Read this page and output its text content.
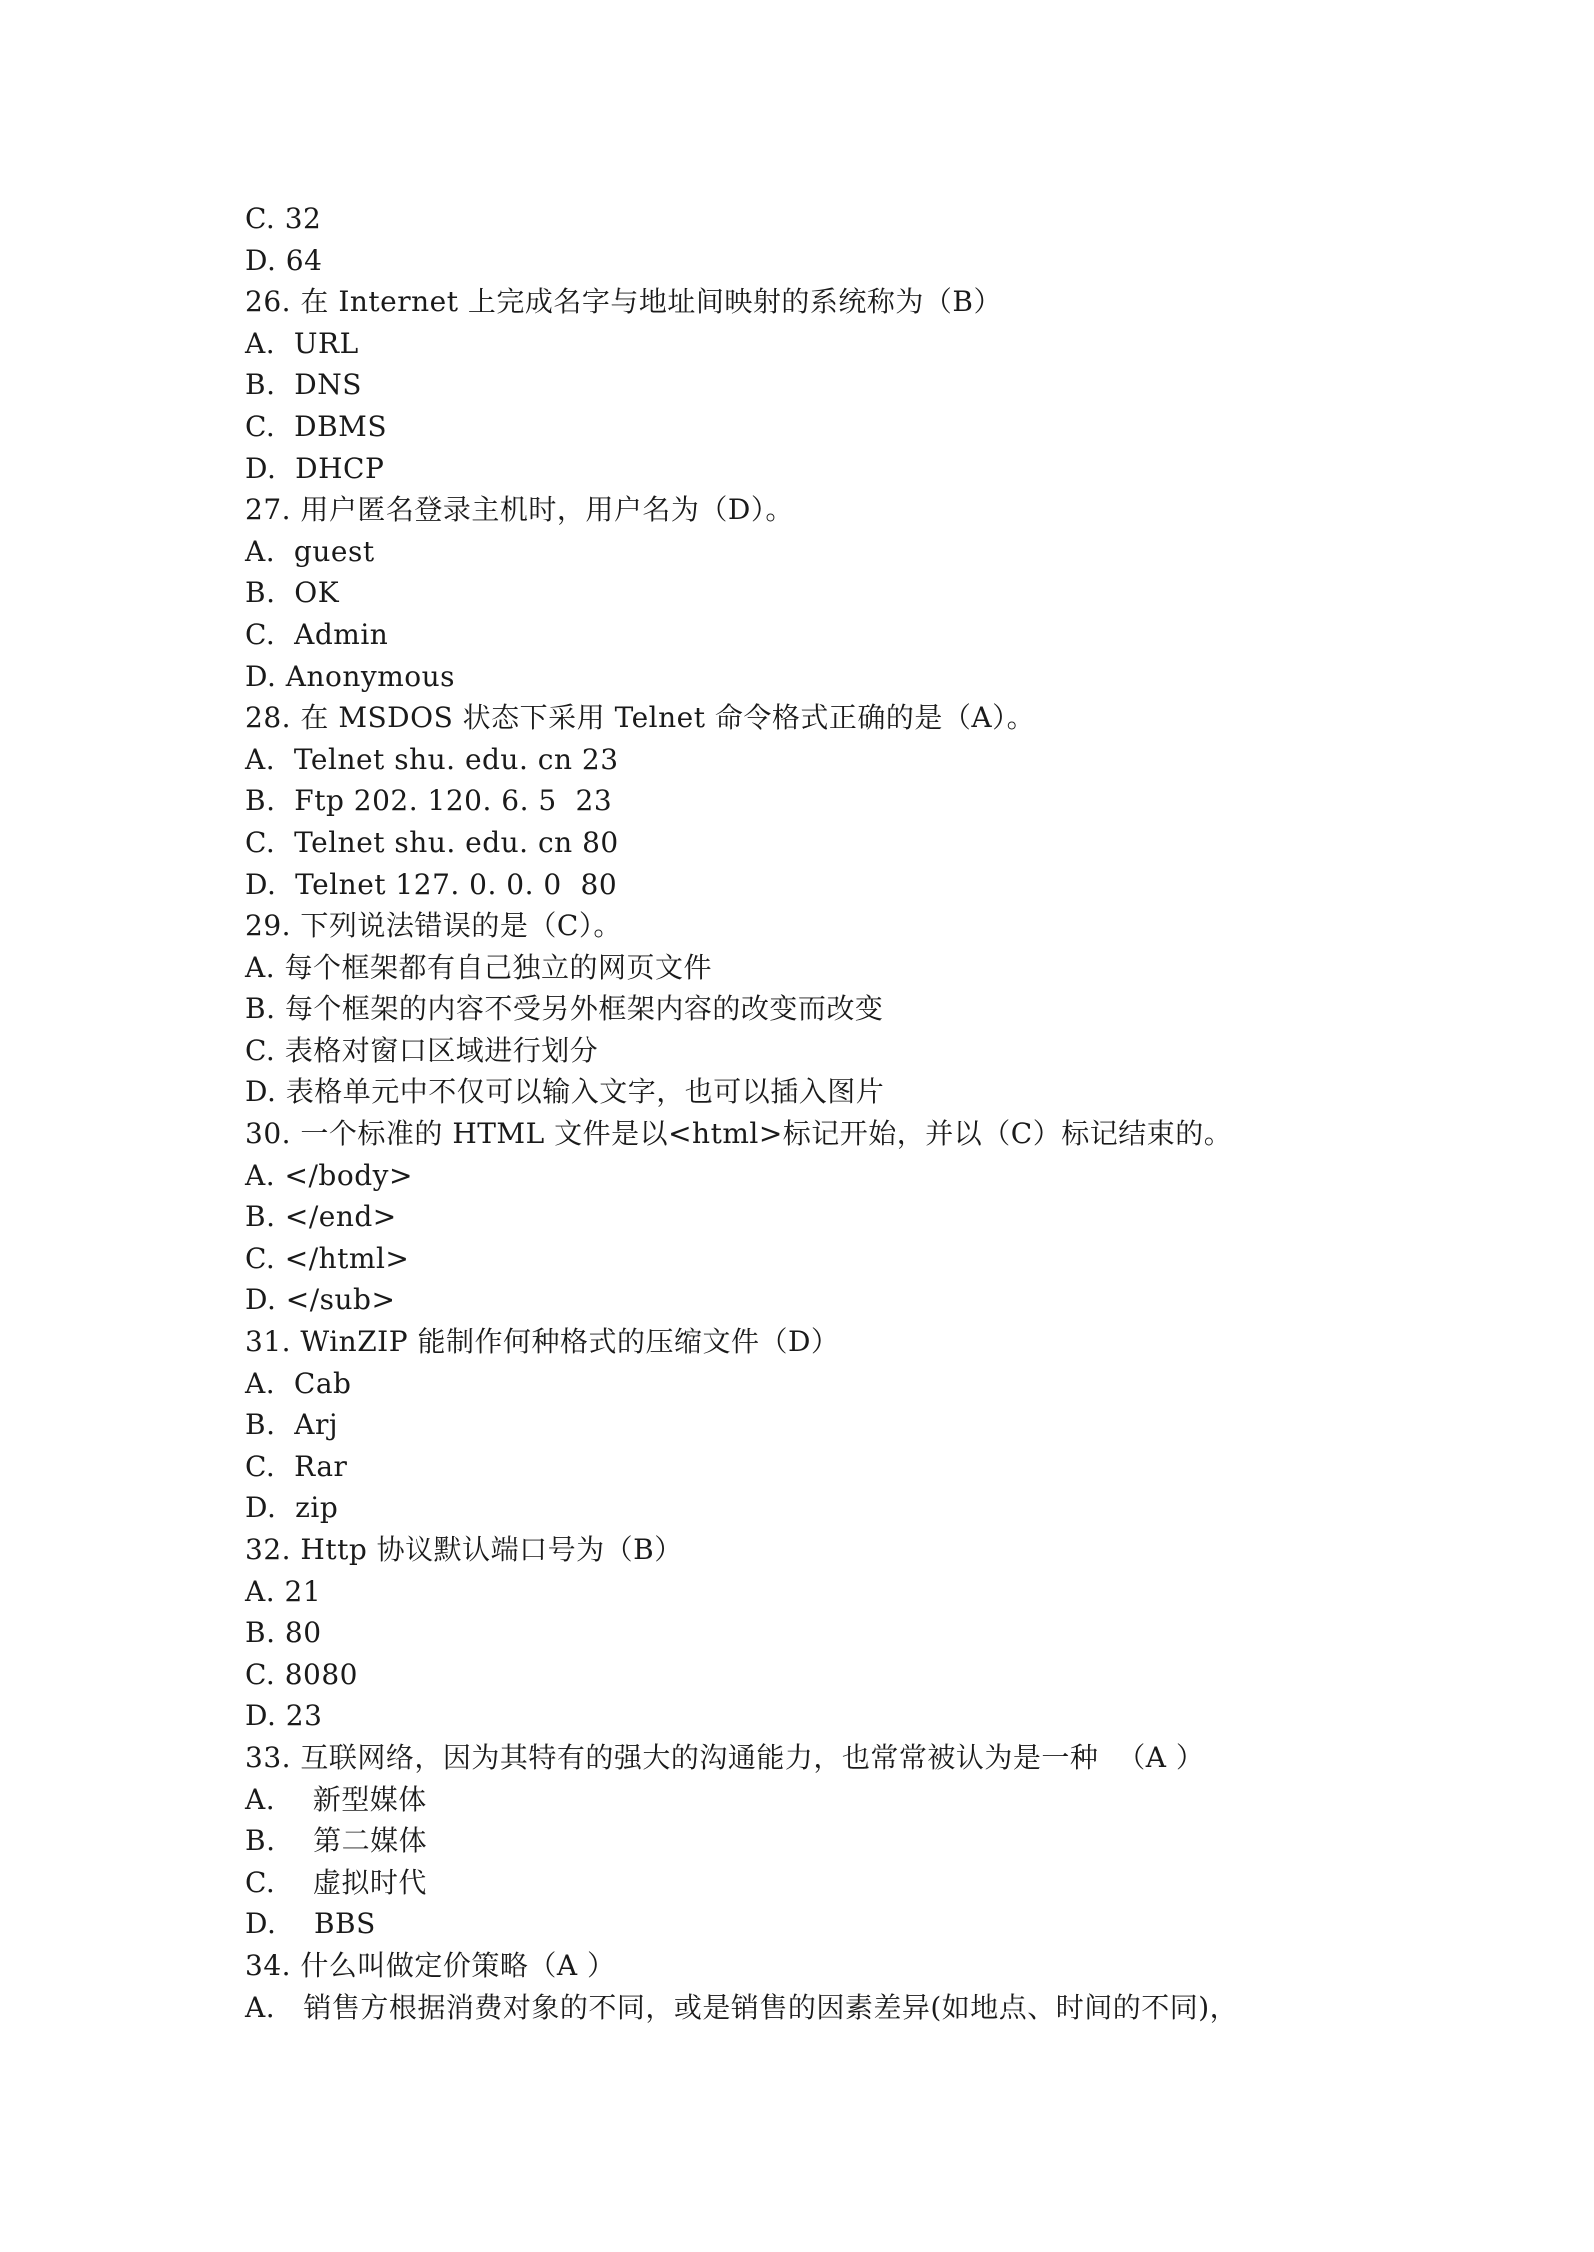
C. 32
D. 64
26. 在 Internet 上完成名字与地址间映射的系统称为（B）
A.  URL
B.  DNS
C.  DBMS
D.  DHCP
27. 用户匿名登录主机时，用户名为（D）。
A.  guest
B.  OK
C.  Admin
D. Anonymous
28. 在 MSDOS 状态下采用 Telnet 命令格式正确的是（A）。
A.  Telnet shu. edu. cn 23
B.  Ftp 202. 120. 6. 5  23
C.  Telnet shu. edu. cn 80
D.  Telnet 127. 0. 0. 0  80
29. 下列说法错误的是（C）。
A. 每个框架都有自己独立的网页文件
B. 每个框架的内容不受另外框架内容的改变而改变
C. 表格对窗口区域进行划分
D. 表格单元中不仅可以输入文字，也可以插入图片
30. 一个标准的 HTML 文件是以<html>标记开始，并以（C）标记结束的。
A. </body>
B. </end>
C. </html>
D. </sub>
31. WinZIP 能制作何种格式的压缩文件（D）
A.  Cab
B.  Arj
C.  Rar
D.  zip
32. Http 协议默认端口号为（B）
A. 21
B. 80
C. 8080
D. 23
33. 互联网络，因为其特有的强大的沟通能力，也常常被认为是一种  （A ）
A.    新型媒体
B.    第二媒体
C.    虚拟时代
D.    BBS
34. 什么叫做定价策略（A ）
A.   销售方根据消费对象的不同，或是销售的因素差异(如地点、时间的不同)，
